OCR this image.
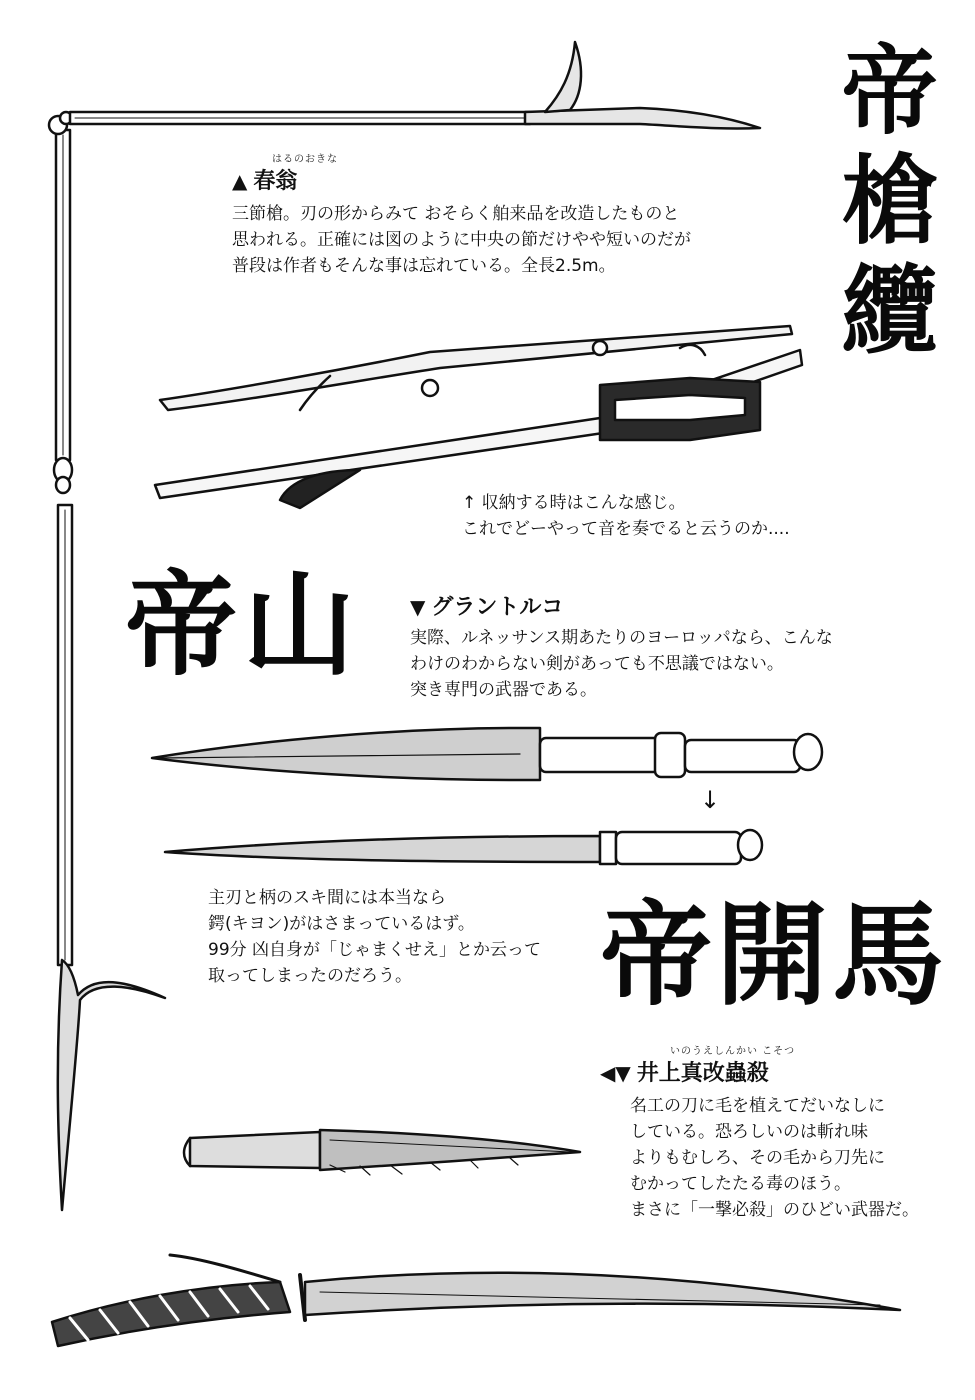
↓
帝槍纜
帝山
帝開馬
はるのおきな
▲ 春翁
三節槍。刃の形からみて おそらく舶来品を改造したものと
思われる。正確には図のように中央の節だけやや短いのだが
普段は作者もそんな事は忘れている。全長2.5m。
↑ 収納する時はこんな感じ。
これでどーやって音を奏でると云うのか....
▼ グラントルコ
実際、ルネッサンス期あたりのヨーロッパなら、こんな
わけのわからない剣があっても不思議ではない。
突き専門の武器である。
主刃と柄のスキ間には本当なら
鍔(キヨン)がはさまっているはず。
99分 凶自身が「じゃまくせえ」とか云って
取ってしまったのだろう。
いのうえしんかい こそつ
◀▼ 井上真改蟲殺
名工の刀に毛を植えてだいなしに
している。恐ろしいのは斬れ味
よりもむしろ、その毛から刀先に
むかってしたたる毒のほう。
まさに「一撃必殺」のひどい武器だ。
